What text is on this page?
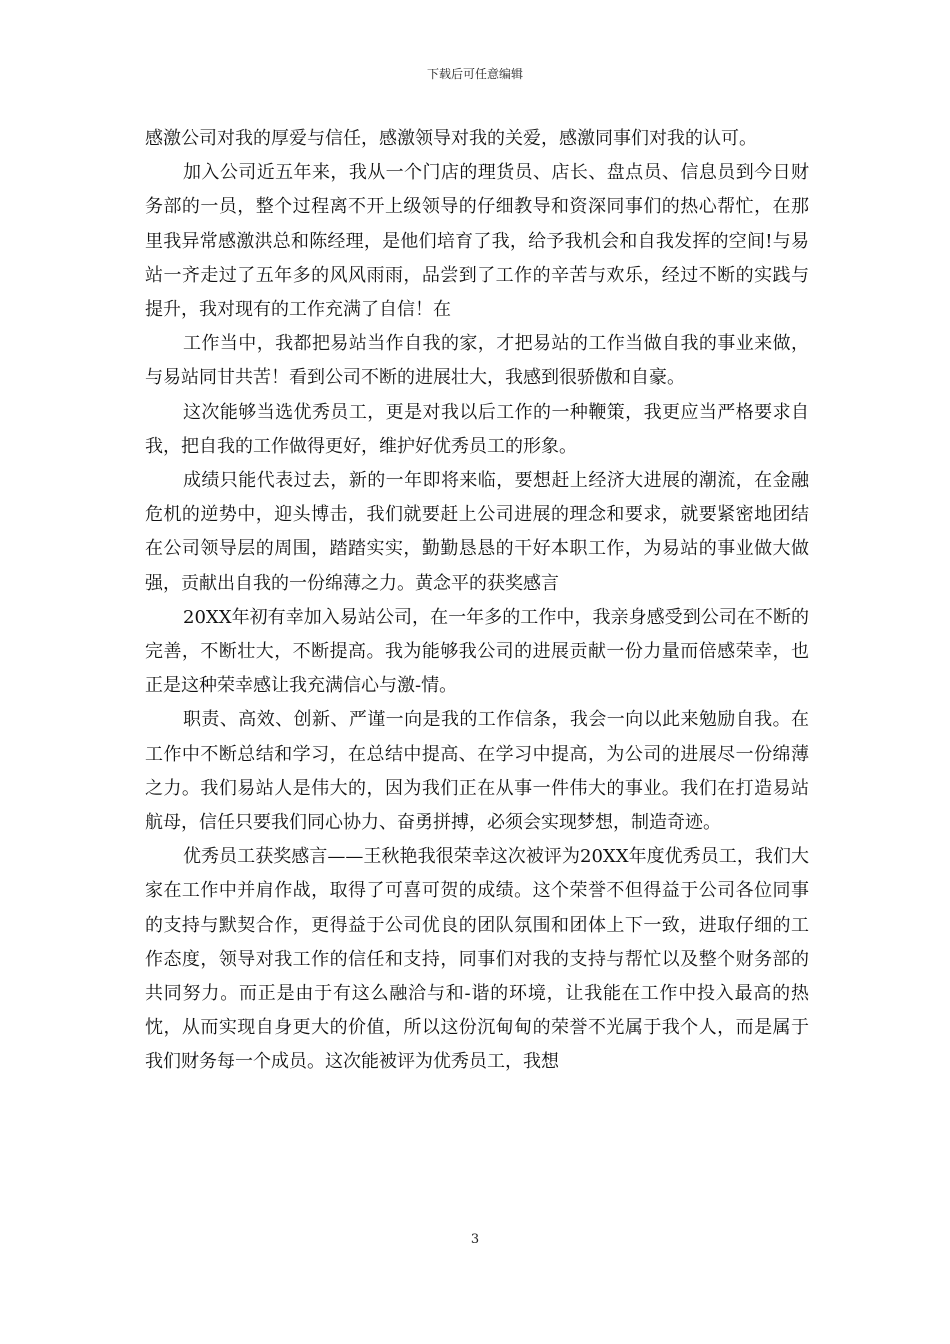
下载后可任意编辑

感激公司对我的厚爱与信任，感激领导对我的关爱，感激同事们对我的认可。

加入公司近五年来，我从一个门店的理货员、店长、盘点员、信息员到今日财务部的一员，整个过程离不开上级领导的仔细教导和资深同事们的热心帮忙，在那里我异常感激洪总和陈经理，是他们培育了我，给予我机会和自我发挥的空间!与易站一齐走过了五年多的风风雨雨，品尝到了工作的辛苦与欢乐，经过不断的实践与提升，我对现有的工作充满了自信！在

工作当中，我都把易站当作自我的家，才把易站的工作当做自我的事业来做，与易站同甘共苦！看到公司不断的进展壮大，我感到很骄傲和自豪。

这次能够当选优秀员工，更是对我以后工作的一种鞭策，我更应当严格要求自我，把自我的工作做得更好，维护好优秀员工的形象。

成绩只能代表过去，新的一年即将来临，要想赶上经济大进展的潮流，在金融危机的逆势中，迎头博击，我们就要赶上公司进展的理念和要求，就要紧密地团结在公司领导层的周围，踏踏实实，勤勤恳恳的干好本职工作，为易站的事业做大做强，贡献出自我的一份绵薄之力。黄念平的获奖感言

20XX年初有幸加入易站公司，在一年多的工作中，我亲身感受到公司在不断的完善，不断壮大，不断提高。我为能够我公司的进展贡献一份力量而倍感荣幸，也正是这种荣幸感让我充满信心与激-情。

职责、高效、创新、严谨一向是我的工作信条，我会一向以此来勉励自我。在工作中不断总结和学习，在总结中提高、在学习中提高，为公司的进展尽一份绵薄之力。我们易站人是伟大的，因为我们正在从事一件伟大的事业。我们在打造易站航母，信任只要我们同心协力、奋勇拼搏，必须会实现梦想，制造奇迹。

优秀员工获奖感言——王秋艳我很荣幸这次被评为20XX年度优秀员工，我们大家在工作中并肩作战，取得了可喜可贺的成绩。这个荣誉不但得益于公司各位同事的支持与默契合作，更得益于公司优良的团队氛围和团体上下一致，进取仔细的工作态度，领导对我工作的信任和支持，同事们对我的支持与帮忙以及整个财务部的共同努力。而正是由于有这么融洽与和-谐的环境，让我能在工作中投入最高的热忱，从而实现自身更大的价值，所以这份沉甸甸的荣誉不光属于我个人，而是属于我们财务每一个成员。这次能被评为优秀员工，我想

3
